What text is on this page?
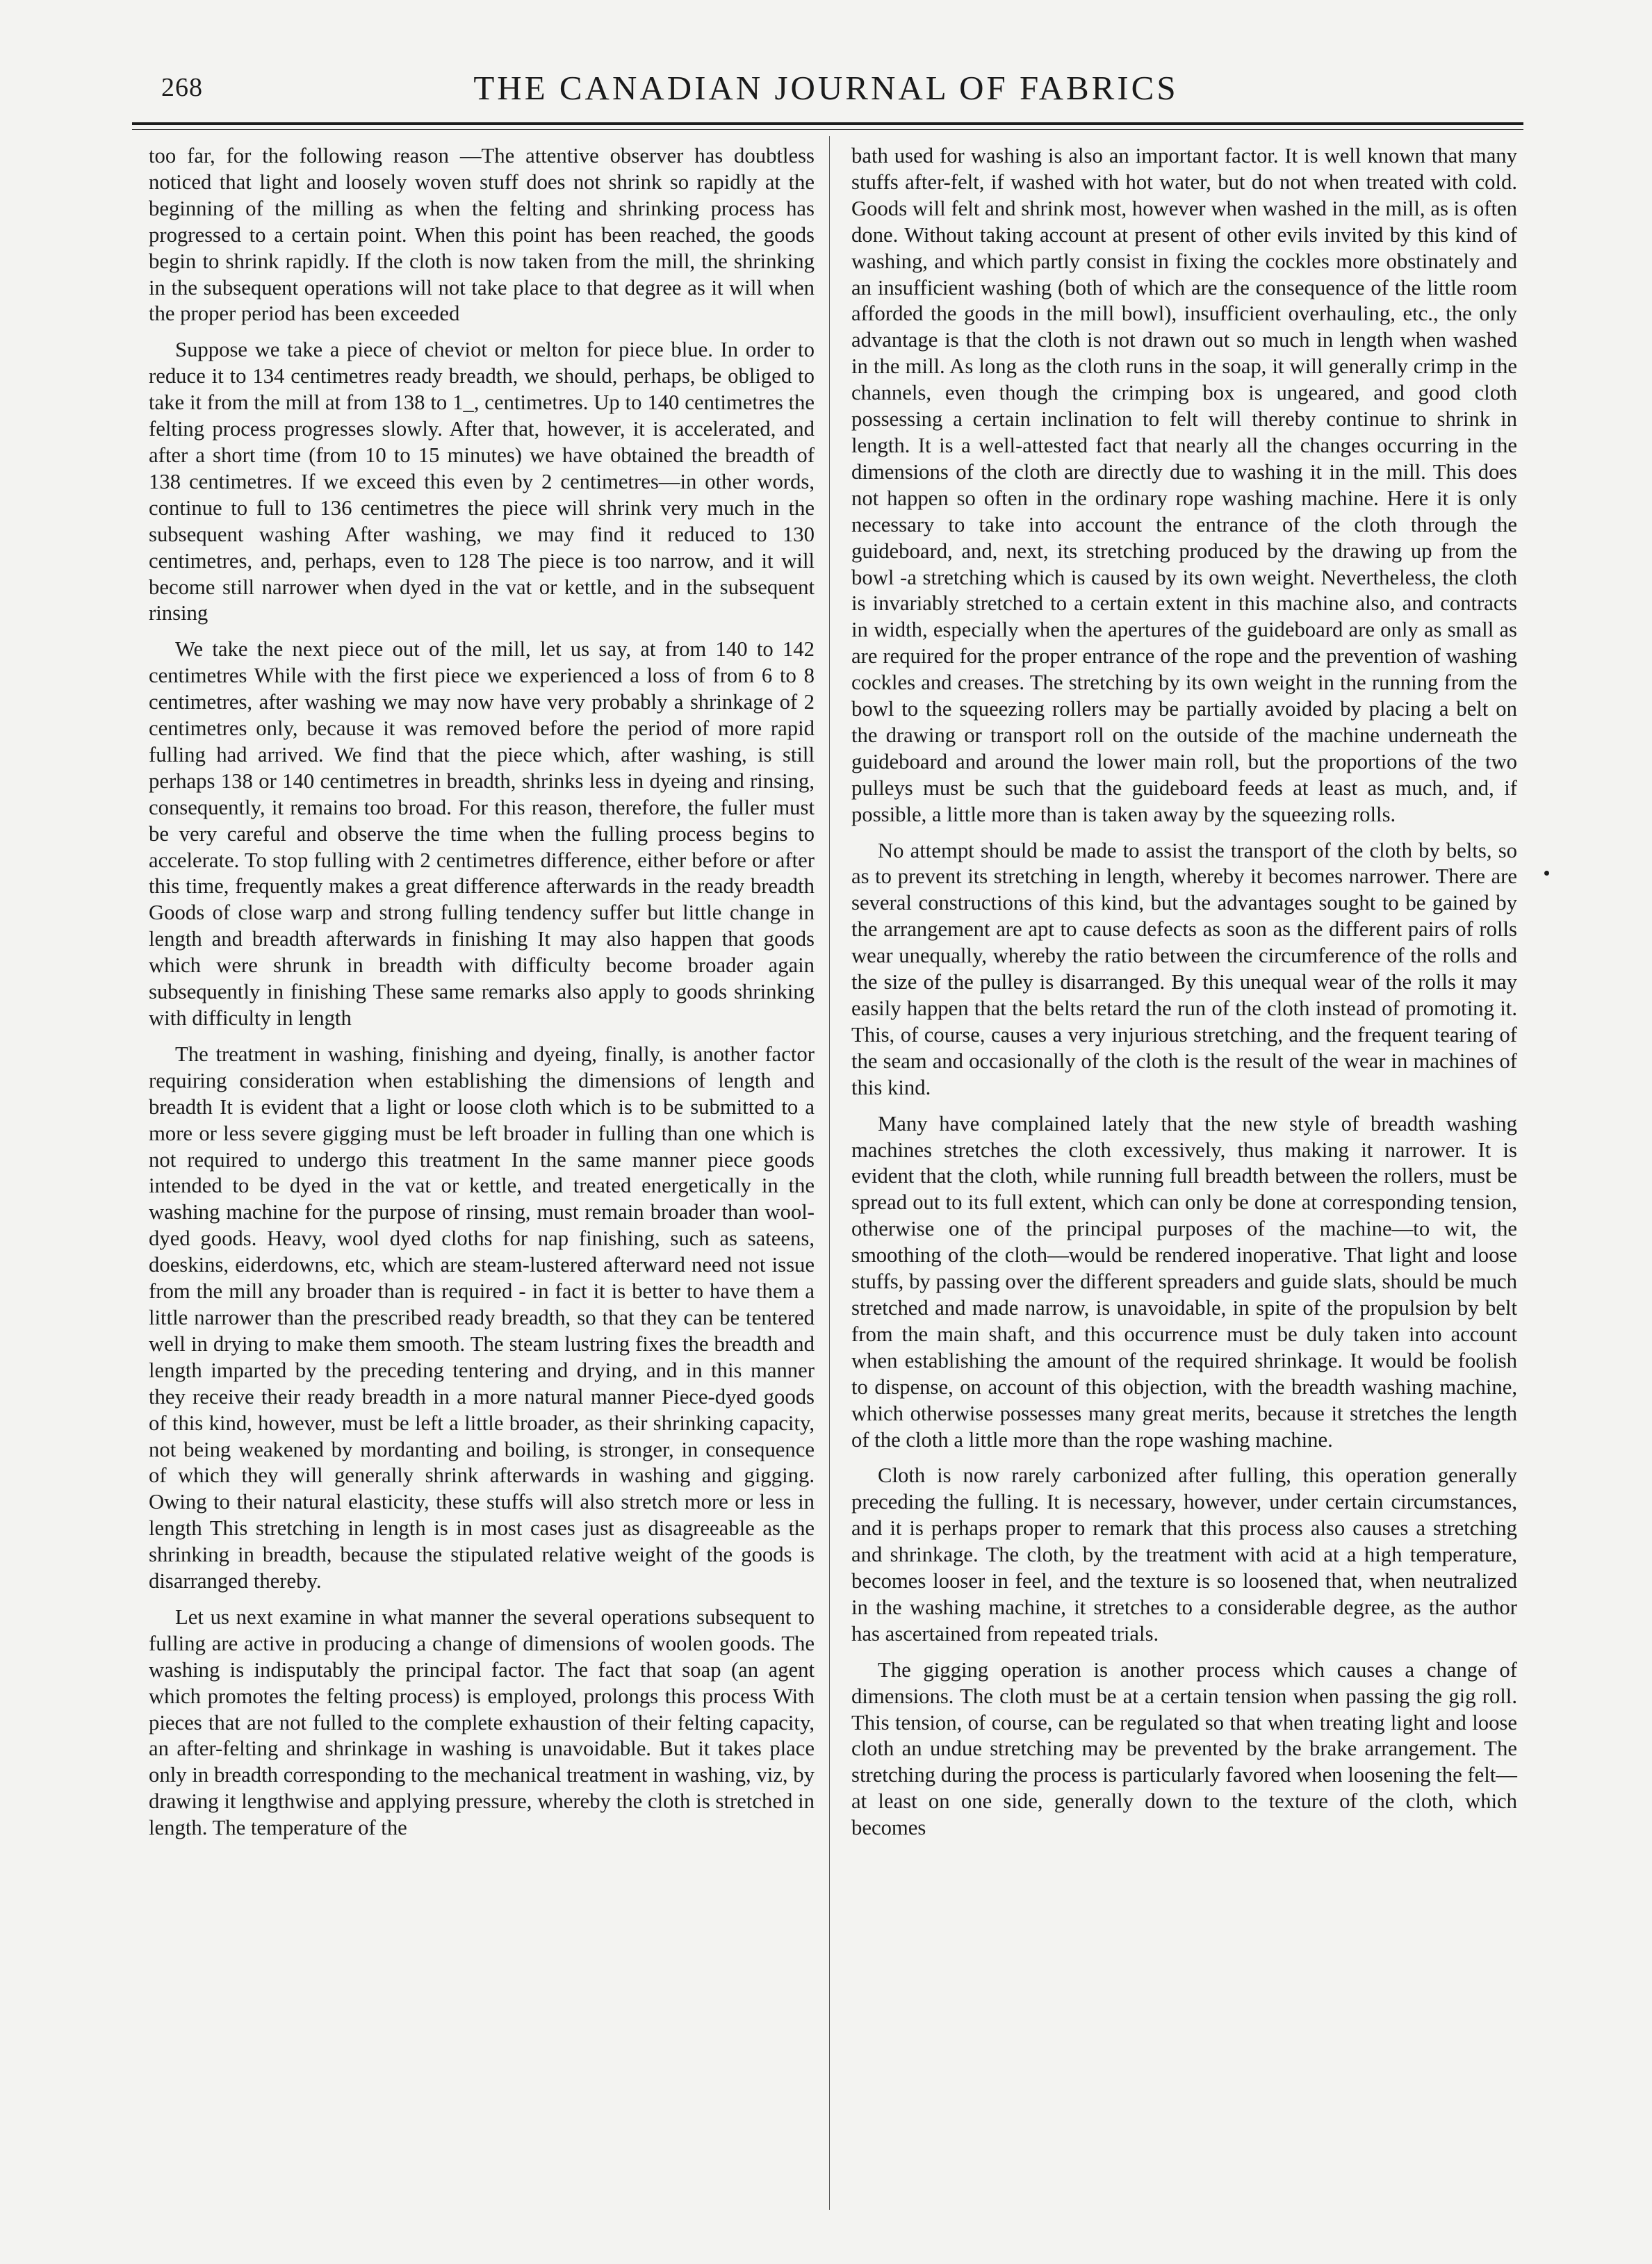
268	THE CANADIAN JOURNAL OF FABRICS

too far, for the following reason —The attentive observer has doubtless noticed that light and loosely woven stuff does not shrink so rapidly at the beginning of the milling as when the felting and shrinking process has progressed to a certain point. When this point has been reached, the goods begin to shrink rapidly. If the cloth is now taken from the mill, the shrinking in the subsequent operations will not take place to that degree as it will when the proper period has been exceeded

Suppose we take a piece of cheviot or melton for piece blue. In order to reduce it to 134 centimetres ready breadth, we should, perhaps, be obliged to take it from the mill at from 138 to 1_, centimetres. Up to 140 centimetres the felting process progresses slowly. After that, however, it is accelerated, and after a short time (from 10 to 15 minutes) we have obtained the breadth of 138 centimetres. If we exceed this even by 2 centimetres—in other words, continue to full to 136 centimetres the piece will shrink very much in the subsequent washing After washing, we may find it reduced to 130 centimetres, and, perhaps, even to 128 The piece is too narrow, and it will become still narrower when dyed in the vat or kettle, and in the subsequent rinsing

We take the next piece out of the mill, let us say, at from 140 to 142 centimetres While with the first piece we experienced a loss of from 6 to 8 centimetres, after washing we may now have very probably a shrinkage of 2 centimetres only, because it was removed before the period of more rapid fulling had arrived. We find that the piece which, after washing, is still perhaps 138 or 140 centimetres in breadth, shrinks less in dyeing and rinsing, consequently, it remains too broad. For this reason, therefore, the fuller must be very careful and observe the time when the fulling process begins to accelerate. To stop fulling with 2 centimetres difference, either before or after this time, frequently makes a great difference afterwards in the ready breadth Goods of close warp and strong fulling tendency suffer but little change in length and breadth afterwards in finishing It may also happen that goods which were shrunk in breadth with difficulty become broader again subsequently in finishing These same remarks also apply to goods shrinking with difficulty in length

The treatment in washing, finishing and dyeing, finally, is another factor requiring consideration when establishing the dimensions of length and breadth It is evident that a light or loose cloth which is to be submitted to a more or less severe gigging must be left broader in fulling than one which is not required to undergo this treatment In the same manner piece goods intended to be dyed in the vat or kettle, and treated energetically in the washing machine for the purpose of rinsing, must remain broader than wool-dyed goods. Heavy, wool dyed cloths for nap finishing, such as sateens, doeskins, eiderdowns, etc, which are steam-lustered afterward need not issue from the mill any broader than is required - in fact it is better to have them a little narrower than the prescribed ready breadth, so that they can be tentered well in drying to make them smooth. The steam lustring fixes the breadth and length imparted by the preceding tentering and drying, and in this manner they receive their ready breadth in a more natural manner Piece-dyed goods of this kind, however, must be left a little broader, as their shrinking capacity, not being weakened by mordanting and boiling, is stronger, in consequence of which they will generally shrink afterwards in washing and gigging. Owing to their natural elasticity, these stuffs will also stretch more or less in length This stretching in length is in most cases just as disagreeable as the shrinking in breadth, because the stipulated relative weight of the goods is disarranged thereby.

Let us next examine in what manner the several operations subsequent to fulling are active in producing a change of dimensions of woolen goods. The washing is indisputably the principal factor. The fact that soap (an agent which promotes the felting process) is employed, prolongs this process With pieces that are not fulled to the complete exhaustion of their felting capacity, an after-felting and shrinkage in washing is unavoidable. But it takes place only in breadth corresponding to the mechanical treatment in washing, viz, by drawing it lengthwise and applying pressure, whereby the cloth is stretched in length. The temperature of the

bath used for washing is also an important factor. It is well known that many stuffs after-felt, if washed with hot water, but do not when treated with cold. Goods will felt and shrink most, however when washed in the mill, as is often done. Without taking account at present of other evils invited by this kind of washing, and which partly consist in fixing the cockles more obstinately and an insufficient washing (both of which are the consequence of the little room afforded the goods in the mill bowl), insufficient overhauling, etc., the only advantage is that the cloth is not drawn out so much in length when washed in the mill. As long as the cloth runs in the soap, it will generally crimp in the channels, even though the crimping box is ungeared, and good cloth possessing a certain inclination to felt will thereby continue to shrink in length. It is a well-attested fact that nearly all the changes occurring in the dimensions of the cloth are directly due to washing it in the mill. This does not happen so often in the ordinary rope washing machine. Here it is only necessary to take into account the entrance of the cloth through the guideboard, and, next, its stretching produced by the drawing up from the bowl -a stretching which is caused by its own weight. Nevertheless, the cloth is invariably stretched to a certain extent in this machine also, and contracts in width, especially when the apertures of the guideboard are only as small as are required for the proper entrance of the rope and the prevention of washing cockles and creases. The stretching by its own weight in the running from the bowl to the squeezing rollers may be partially avoided by placing a belt on the drawing or transport roll on the outside of the machine underneath the guideboard and around the lower main roll, but the proportions of the two pulleys must be such that the guideboard feeds at least as much, and, if possible, a little more than is taken away by the squeezing rolls.

No attempt should be made to assist the transport of the cloth by belts, so as to prevent its stretching in length, whereby it becomes narrower. There are several constructions of this kind, but the advantages sought to be gained by the arrangement are apt to cause defects as soon as the different pairs of rolls wear unequally, whereby the ratio between the circumference of the rolls and the size of the pulley is disarranged. By this unequal wear of the rolls it may easily happen that the belts retard the run of the cloth instead of promoting it. This, of course, causes a very injurious stretching, and the frequent tearing of the seam and occasionally of the cloth is the result of the wear in machines of this kind.

Many have complained lately that the new style of breadth washing machines stretches the cloth excessively, thus making it narrower. It is evident that the cloth, while running full breadth between the rollers, must be spread out to its full extent, which can only be done at corresponding tension, otherwise one of the principal purposes of the machine—to wit, the smoothing of the cloth—would be rendered inoperative. That light and loose stuffs, by passing over the different spreaders and guide slats, should be much stretched and made narrow, is unavoidable, in spite of the propulsion by belt from the main shaft, and this occurrence must be duly taken into account when establishing the amount of the required shrinkage. It would be foolish to dispense, on account of this objection, with the breadth washing machine, which otherwise possesses many great merits, because it stretches the length of the cloth a little more than the rope washing machine.

Cloth is now rarely carbonized after fulling, this operation generally preceding the fulling. It is necessary, however, under certain circumstances, and it is perhaps proper to remark that this process also causes a stretching and shrinkage. The cloth, by the treatment with acid at a high temperature, becomes looser in feel, and the texture is so loosened that, when neutralized in the washing machine, it stretches to a considerable degree, as the author has ascertained from repeated trials.

The gigging operation is another process which causes a change of dimensions. The cloth must be at a certain tension when passing the gig roll. This tension, of course, can be regulated so that when treating light and loose cloth an undue stretching may be prevented by the brake arrangement. The stretching during the process is particularly favored when loosening the felt—at least on one side, generally down to the texture of the cloth, which becomes
